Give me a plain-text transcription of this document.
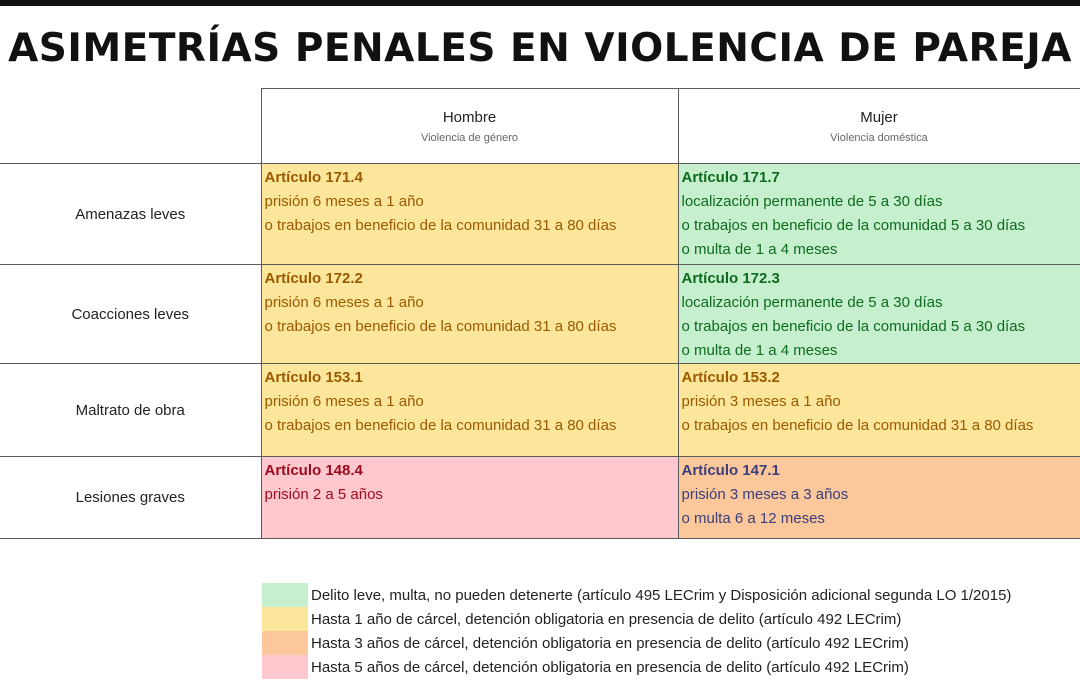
ASIMETRÍAS PENALES EN VIOLENCIA DE PAREJA

	Hombre
Violencia de género	Mujer
Violencia doméstica

Amenazas leves	Artículo 171.4
prisión 6 meses a 1 año
o trabajos en beneficio de la comunidad 31 a 80 días	Artículo 171.7
localización permanente de 5 a 30 días
o trabajos en beneficio de la comunidad 5 a 30 días
o multa de 1 a 4 meses

Coacciones leves	Artículo 172.2
prisión 6 meses a 1 año
o trabajos en beneficio de la comunidad 31 a 80 días	Artículo 172.3
localización permanente de 5 a 30 días
o trabajos en beneficio de la comunidad 5 a 30 días
o multa de 1 a 4 meses

Maltrato de obra	Artículo 153.1
prisión 6 meses a 1 año
o trabajos en beneficio de la comunidad 31 a 80 días	Artículo 153.2
prisión 3 meses a 1 año
o trabajos en beneficio de la comunidad 31 a 80 días

Lesiones graves	Artículo 148.4
prisión 2 a 5 años	Artículo 147.1
prisión 3 meses a 3 años
o multa 6 a 12 meses
Delito leve, multa, no pueden detenerte (artículo 495 LECrim y Disposición adicional segunda LO 1/2015)
Hasta 1 año de cárcel, detención obligatoria en presencia de delito (artículo 492 LECrim)
Hasta 3 años de cárcel, detención obligatoria en presencia de delito (artículo 492 LECrim)
Hasta 5 años de cárcel, detención obligatoria en presencia de delito (artículo 492 LECrim)
